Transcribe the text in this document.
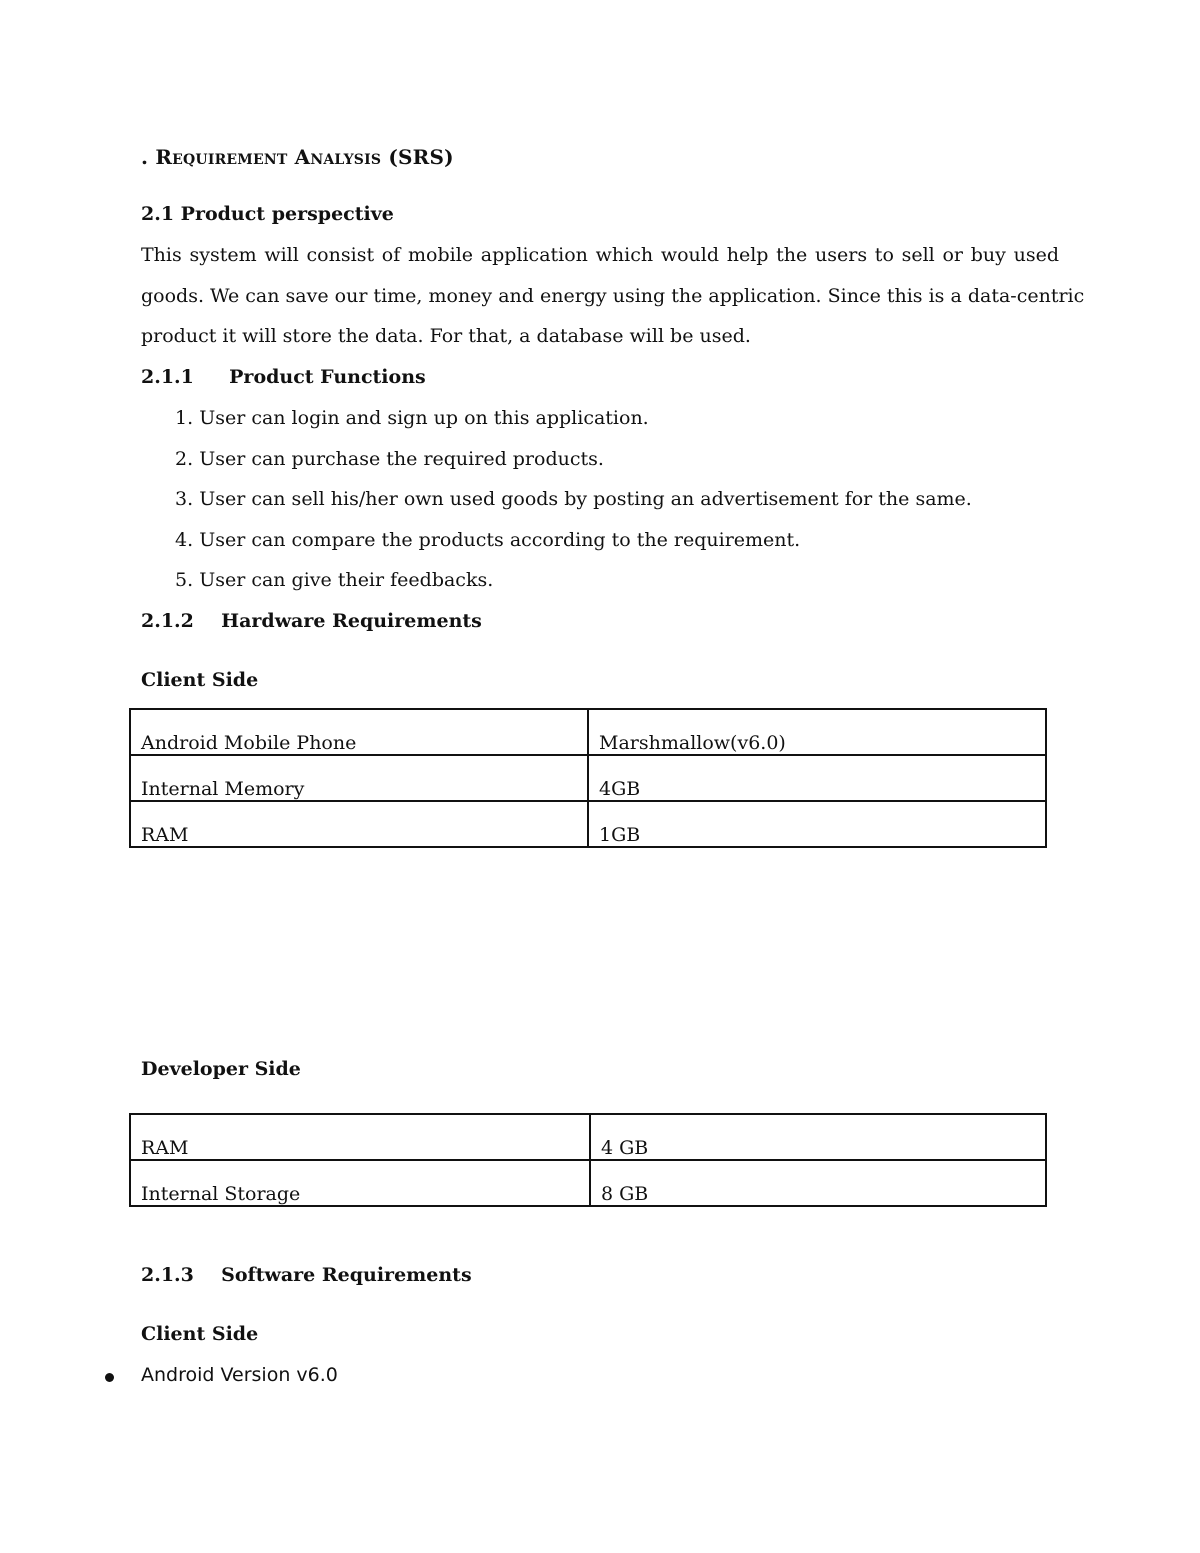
. Requirement Analysis (SRS)
2.1 Product perspective
This system will consist of mobile application which would help the users to sell or buy used
goods. We can save our time, money and energy using the application. Since this is a data-centric
product it will store the data. For that, a database will be used.
2.1.1 Product Functions
1. User can login and sign up on this application.
2. User can purchase the required products.
3. User can sell his/her own used goods by posting an advertisement for the same.
4. User can compare the products according to the requirement.
5. User can give their feedbacks.
2.1.2 Hardware Requirements
Client Side
Android Mobile Phone	Marshmallow(v6.0)
Internal Memory	4GB
RAM	1GB
Developer Side
RAM	4 GB
Internal Storage	8 GB
2.1.3 Software Requirements
Client Side
Android Version v6.0
